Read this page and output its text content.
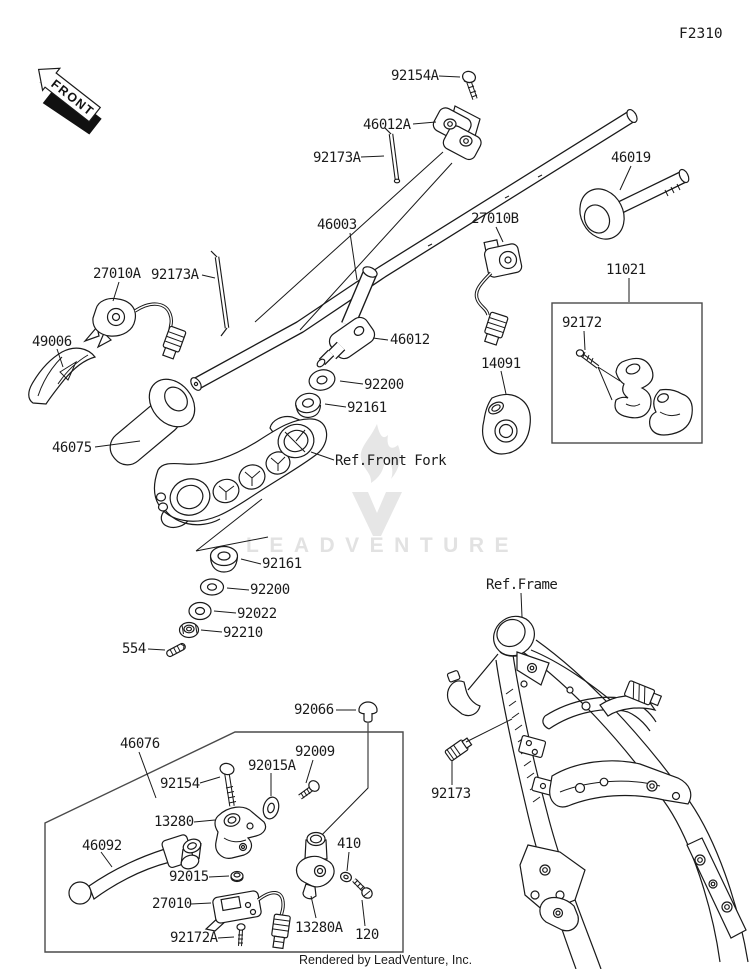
LEADVENTURE
FRONT
F2310
92154A
46012A
92173A
46003	27010B
46019
27010A 92173A
49006	46012
11021
92172
14091
92200
92161
46075
Ref.Front Fork
92161
92200
92022
92210
554
Ref.Frame
92066
46076	92009
92015A
92154
13280
46092	410
92015
27010
13280A 120
92172A
92173
Rendered by LeadVenture, Inc.
